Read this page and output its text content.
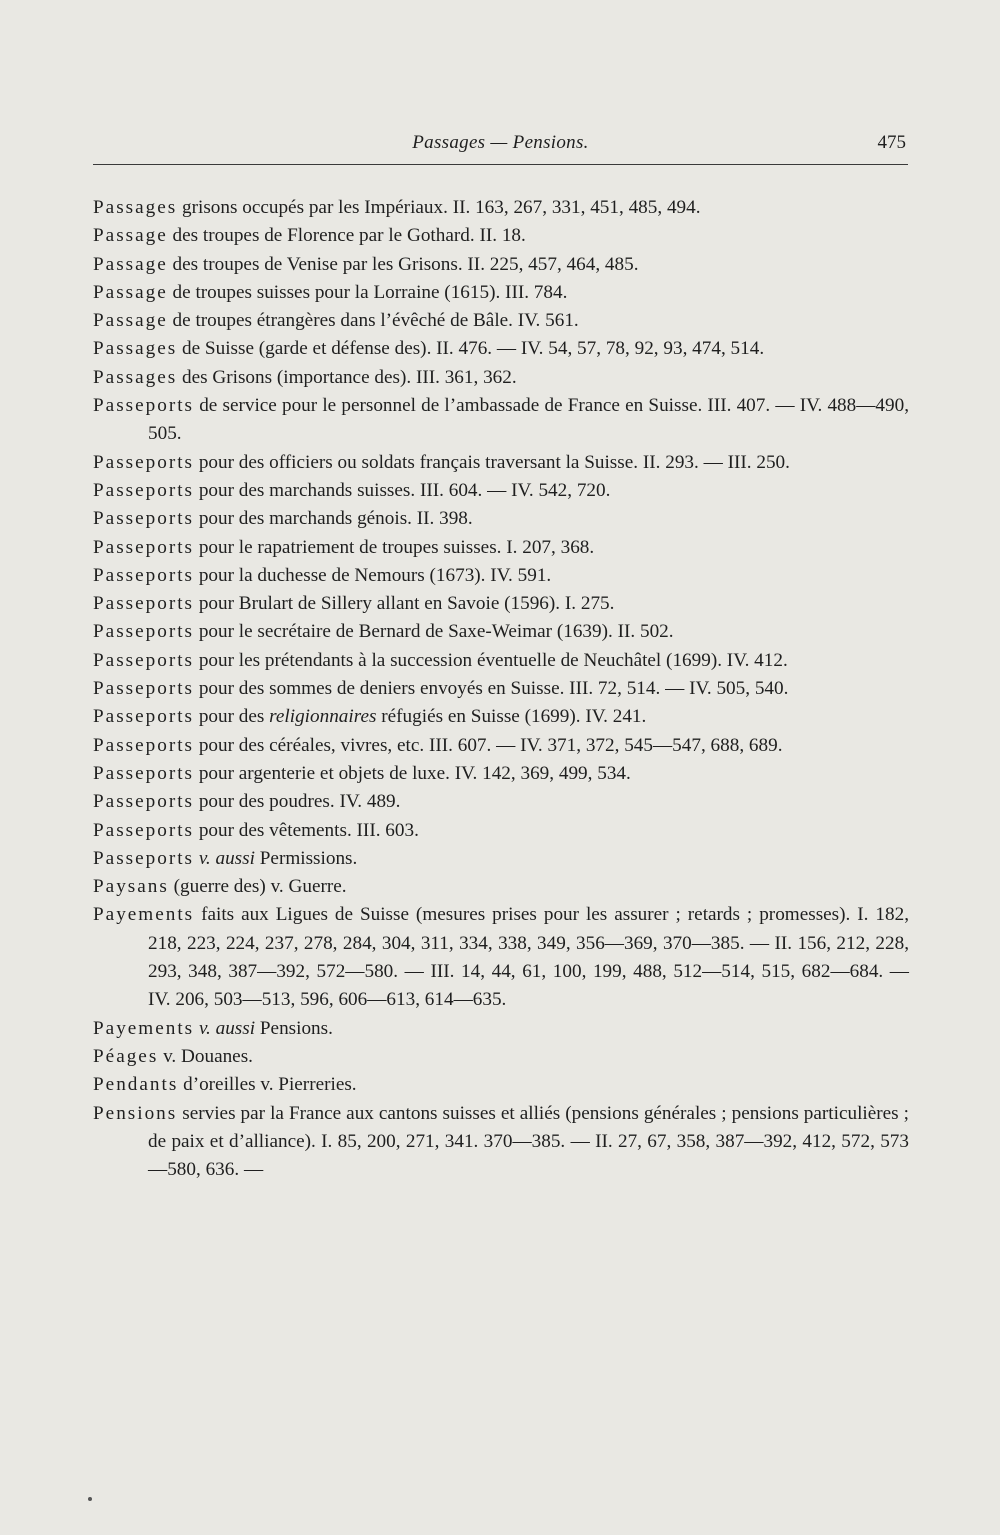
Passages — Pensions.	475

Passages grisons occupés par les Impériaux. II. 163, 267, 331, 451, 485, 494.

Passage des troupes de Florence par le Gothard. II. 18.

Passage des troupes de Venise par les Grisons. II. 225, 457, 464, 485.

Passage de troupes suisses pour la Lorraine (1615). III. 784.

Passage de troupes étrangères dans l’évêché de Bâle. IV. 561.

Passages de Suisse (garde et défense des). II. 476. — IV. 54, 57, 78, 92, 93, 474, 514.

Passages des Grisons (importance des). III. 361, 362.

Passeports de service pour le personnel de l’ambassade de France en Suisse. III. 407. — IV. 488—490, 505.

Passeports pour des officiers ou soldats français traversant la Suisse. II. 293. — III. 250.

Passeports pour des marchands suisses. III. 604. — IV. 542, 720.

Passeports pour des marchands génois. II. 398.

Passeports pour le rapatriement de troupes suisses. I. 207, 368.

Passeports pour la duchesse de Nemours (1673). IV. 591.

Passeports pour Brulart de Sillery allant en Savoie (1596). I. 275.

Passeports pour le secrétaire de Bernard de Saxe-Weimar (1639). II. 502.

Passeports pour les prétendants à la succession éventuelle de Neuchâtel (1699). IV. 412.

Passeports pour des sommes de deniers envoyés en Suisse. III. 72, 514. — IV. 505, 540.

Passeports pour des religionnaires réfugiés en Suisse (1699). IV. 241.

Passeports pour des céréales, vivres, etc. III. 607. — IV. 371, 372, 545—547, 688, 689.

Passeports pour argenterie et objets de luxe. IV. 142, 369, 499, 534.

Passeports pour des poudres. IV. 489.

Passeports pour des vêtements. III. 603.

Passeports v. aussi Permissions.

Paysans (guerre des) v. Guerre.

Payements faits aux Ligues de Suisse (mesures prises pour les assurer ; retards ; promesses). I. 182, 218, 223, 224, 237, 278, 284, 304, 311, 334, 338, 349, 356—369, 370—385. — II. 156, 212, 228, 293, 348, 387—392, 572—580. — III. 14, 44, 61, 100, 199, 488, 512—514, 515, 682—684. — IV. 206, 503—513, 596, 606—613, 614—635.

Payements v. aussi Pensions.

Péages v. Douanes.

Pendants d’oreilles v. Pierreries.

Pensions servies par la France aux cantons suisses et alliés (pensions générales ; pensions particulières ; de paix et d’alliance). I. 85, 200, 271, 341. 370—385. — II. 27, 67, 358, 387—392, 412, 572, 573—580, 636. —
